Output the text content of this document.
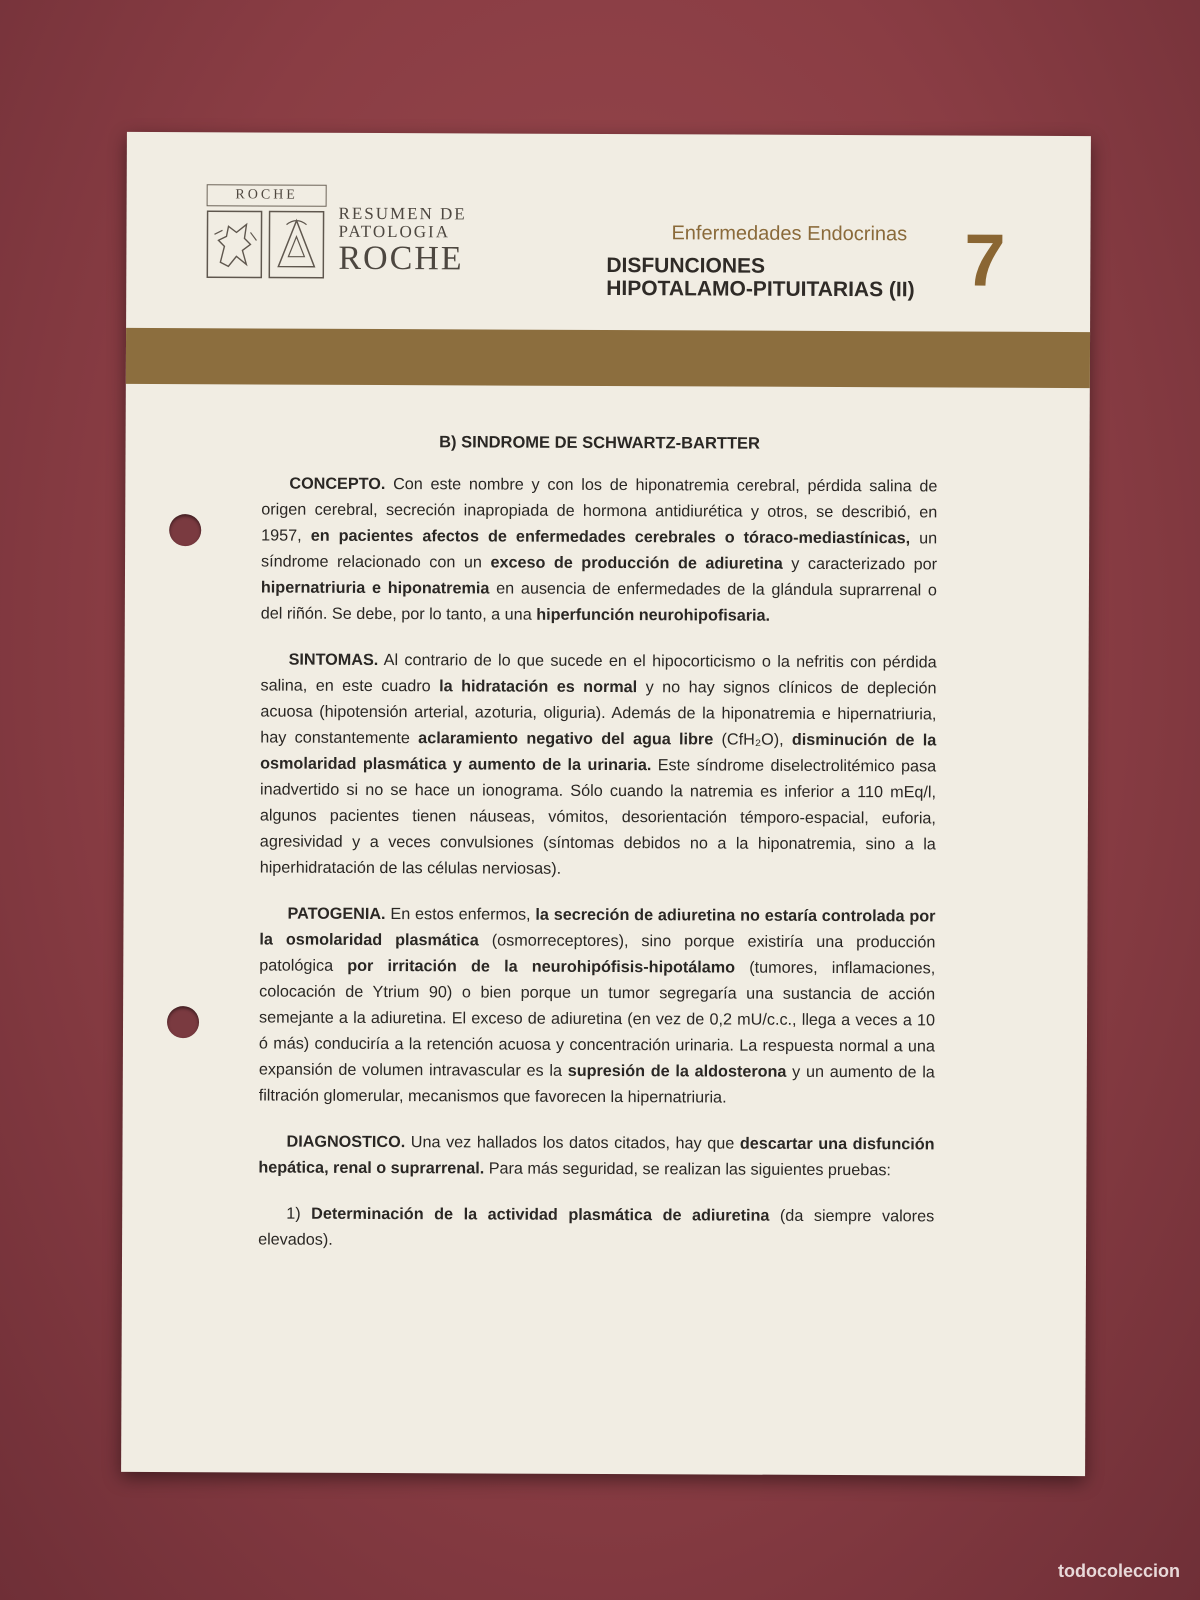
ROCHE
RESUMEN DE
PATOLOGIA
ROCHE
Enfermedades Endocrinas
DISFUNCIONES
HIPOTALAMO-PITUITARIAS (II) 7
B) SINDROME DE SCHWARTZ-BARTTER

CONCEPTO. Con este nombre y con los de hiponatremia cerebral, pérdida salina de origen cerebral, secreción inapropiada de hormona antidiurética y otros, se describió, en 1957, en pacientes afectos de enfermedades cerebrales o tóraco-mediastínicas, un síndrome relacionado con un exceso de producción de adiuretina y caracterizado por hipernatriuria e hiponatremia en ausencia de enfermedades de la glándula suprarrenal o del riñón. Se debe, por lo tanto, a una hiperfunción neurohipofisaria.

SINTOMAS. Al contrario de lo que sucede en el hipocorticismo o la nefritis con pérdida salina, en este cuadro la hidratación es normal y no hay signos clínicos de depleción acuosa (hipotensión arterial, azoturia, oliguria). Además de la hiponatremia e hipernatriuria, hay constantemente aclaramiento negativo del agua libre (CfH₂O), disminución de la osmolaridad plasmática y aumento de la urinaria. Este síndrome diselectrolitémico pasa inadvertido si no se hace un ionograma. Sólo cuando la natremia es inferior a 110 mEq/l, algunos pacientes tienen náuseas, vómitos, desorientación témporo-espacial, euforia, agresividad y a veces convulsiones (síntomas debidos no a la hiponatremia, sino a la hiperhidratación de las células nerviosas).

PATOGENIA. En estos enfermos, la secreción de adiuretina no estaría controlada por la osmolaridad plasmática (osmorreceptores), sino porque existiría una producción patológica por irritación de la neurohipófisis-hipotálamo (tumores, inflamaciones, colocación de Ytrium 90) o bien porque un tumor segregaría una sustancia de acción semejante a la adiuretina. El exceso de adiuretina (en vez de 0,2 mU/c.c., llega a veces a 10 ó más) conduciría a la retención acuosa y concentración urinaria. La respuesta normal a una expansión de volumen intravascular es la supresión de la aldosterona y un aumento de la filtración glomerular, mecanismos que favorecen la hipernatriuria.

DIAGNOSTICO. Una vez hallados los datos citados, hay que descartar una disfunción hepática, renal o suprarrenal. Para más seguridad, se realizan las siguientes pruebas:

1) Determinación de la actividad plasmática de adiuretina (da siempre valores elevados).

todocoleccion
